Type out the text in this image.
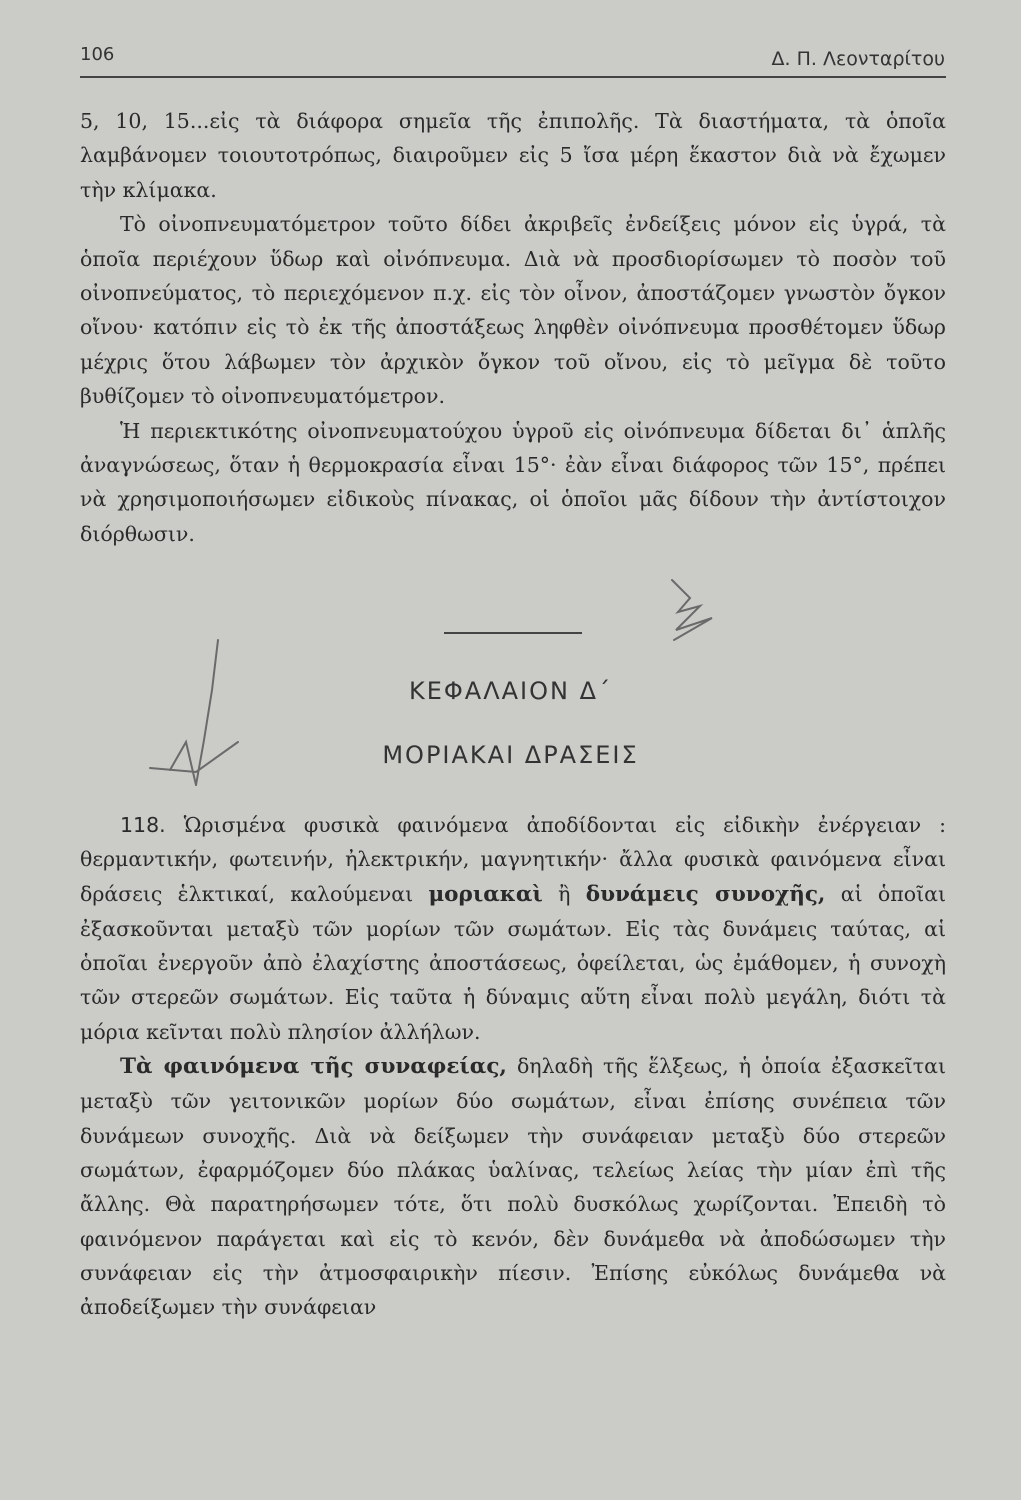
106	Δ. Π. Λεονταρίτου

5, 10, 15...εἰς τὰ διάφορα σημεῖα τῆς ἐπιπολῆς. Τὰ διαστήματα, τὰ ὁποῖα λαμβάνομεν τοιουτοτρόπως, διαιροῦμεν εἰς 5 ἴσα μέρη ἕκαστον διὰ νὰ ἔχωμεν τὴν κλίμακα.

Τὸ οἰνοπνευματόμετρον τοῦτο δίδει ἀκριβεῖς ἐνδείξεις μόνον εἰς ὑγρά, τὰ ὁποῖα περιέχουν ὕδωρ καὶ οἰνόπνευμα. Διὰ νὰ προσδιορίσωμεν τὸ ποσὸν τοῦ οἰνοπνεύματος, τὸ περιεχόμενον π.χ. εἰς τὸν οἶνον, ἀποστάζομεν γνωστὸν ὄγκον οἴνου· κατόπιν εἰς τὸ ἐκ τῆς ἀποστάξεως ληφθὲν οἰνόπνευμα προσθέτομεν ὕδωρ μέχρις ὅτου λάβωμεν τὸν ἀρχικὸν ὄγκον τοῦ οἴνου, εἰς τὸ μεῖγμα δὲ τοῦτο βυθίζομεν τὸ οἰνοπνευματόμετρον.

Ἡ περιεκτικότης οἰνοπνευματούχου ὑγροῦ εἰς οἰνόπνευμα δίδεται δι᾽ ἁπλῆς ἀναγνώσεως, ὅταν ἡ θερμοκρασία εἶναι 15°· ἐὰν εἶναι διάφορος τῶν 15°, πρέπει νὰ χρησιμοποιήσωμεν εἰδικοὺς πίνακας, οἱ ὁποῖοι μᾶς δίδουν τὴν ἀντίστοιχον διόρθωσιν.

ΚΕΦΑΛΑΙΟΝ Δ΄
ΜΟΡΙΑΚΑΙ ΔΡΑΣΕΙΣ

118. Ὡρισμένα φυσικὰ φαινόμενα ἀποδίδονται εἰς εἰδικὴν ἐνέργειαν : θερμαντικήν, φωτεινήν, ἠλεκτρικήν, μαγνητικήν· ἄλλα φυσικὰ φαινόμενα εἶναι δράσεις ἑλκτικαί, καλούμεναι μοριακαὶ ἢ δυνάμεις συνοχῆς, αἱ ὁποῖαι ἐξασκοῦνται μεταξὺ τῶν μορίων τῶν σωμάτων. Εἰς τὰς δυνάμεις ταύτας, αἱ ὁποῖαι ἐνεργοῦν ἀπὸ ἐλαχίστης ἀποστάσεως, ὀφείλεται, ὡς ἐμάθομεν, ἡ συνοχὴ τῶν στερεῶν σωμάτων. Εἰς ταῦτα ἡ δύναμις αὕτη εἶναι πολὺ μεγάλη, διότι τὰ μόρια κεῖνται πολὺ πλησίον ἀλλήλων.

Τὰ φαινόμενα τῆς συναφείας, δηλαδὴ τῆς ἕλξεως, ἡ ὁποία ἐξασκεῖται μεταξὺ τῶν γειτονικῶν μορίων δύο σωμάτων, εἶναι ἐπίσης συνέπεια τῶν δυνάμεων συνοχῆς. Διὰ νὰ δείξωμεν τὴν συνάφειαν μεταξὺ δύο στερεῶν σωμάτων, ἐφαρμόζομεν δύο πλάκας ὑαλίνας, τελείως λείας τὴν μίαν ἐπὶ τῆς ἄλλης. Θὰ παρατηρήσωμεν τότε, ὅτι πολὺ δυσκόλως χωρίζονται. Ἐπειδὴ τὸ φαινόμενον παράγεται καὶ εἰς τὸ κενόν, δὲν δυνάμεθα νὰ ἀποδώσωμεν τὴν συνάφειαν εἰς τὴν ἀτμοσφαιρικὴν πίεσιν. Ἐπίσης εὐκόλως δυνάμεθα νὰ ἀποδείξωμεν τὴν συνάφειαν
